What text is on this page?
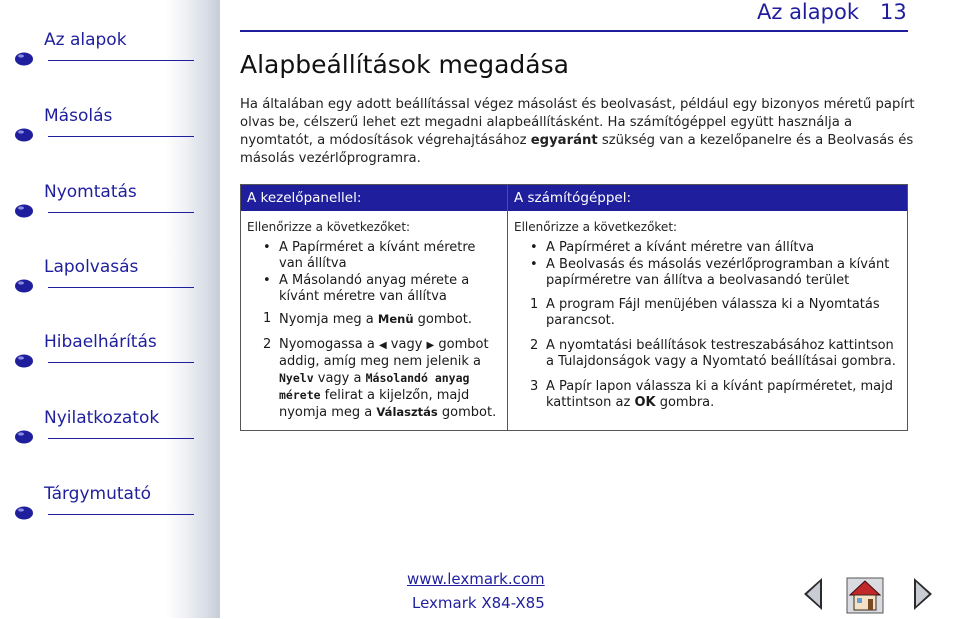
Az alapok
Másolás
Nyomtatás
Lapolvasás
Hibaelhárítás
Nyilatkozatok
Tárgymutató
Az alapok 13
Alapbeállítások megadása

Ha általában egy adott beállítással végez másolást és beolvasást, például egy bizonyos méretű papírt olvas be, célszerű lehet ezt megadni alapbeállításként. Ha számítógéppel együtt használja a nyomtatót, a módosítások végrehajtásához egyaránt szükség van a kezelőpanelre és a Beolvasás és másolás vezérlőprogramra.

A kezelőpanellel:
Ellenőrizze a következőket:
• A Papírméret a kívánt méretre van állítva
• A Másolandó anyag mérete a kívánt méretre van állítva
1 Nyomja meg a Menü gombot.
2 Nyomogassa a ◀ vagy ▶ gombot addig, amíg meg nem jelenik a Nyelv vagy a Másolandó anyag mérete felirat a kijelzőn, majd nyomja meg a Választás gombot.
A számítógéppel:
Ellenőrizze a következőket:
• A Papírméret a kívánt méretre van állítva
• A Beolvasás és másolás vezérlőprogramban a kívánt papírméretre van állítva a beolvasandó terület
1 A program Fájl menüjében válassza ki a Nyomtatás parancsot.
2 A nyomtatási beállítások testreszabásához kattintson a Tulajdonságok vagy a Nyomtató beállításai gombra.
3 A Papír lapon válassza ki a kívánt papírméretet, majd kattintson az OK gombra.
www.lexmark.com
Lexmark X84-X85
